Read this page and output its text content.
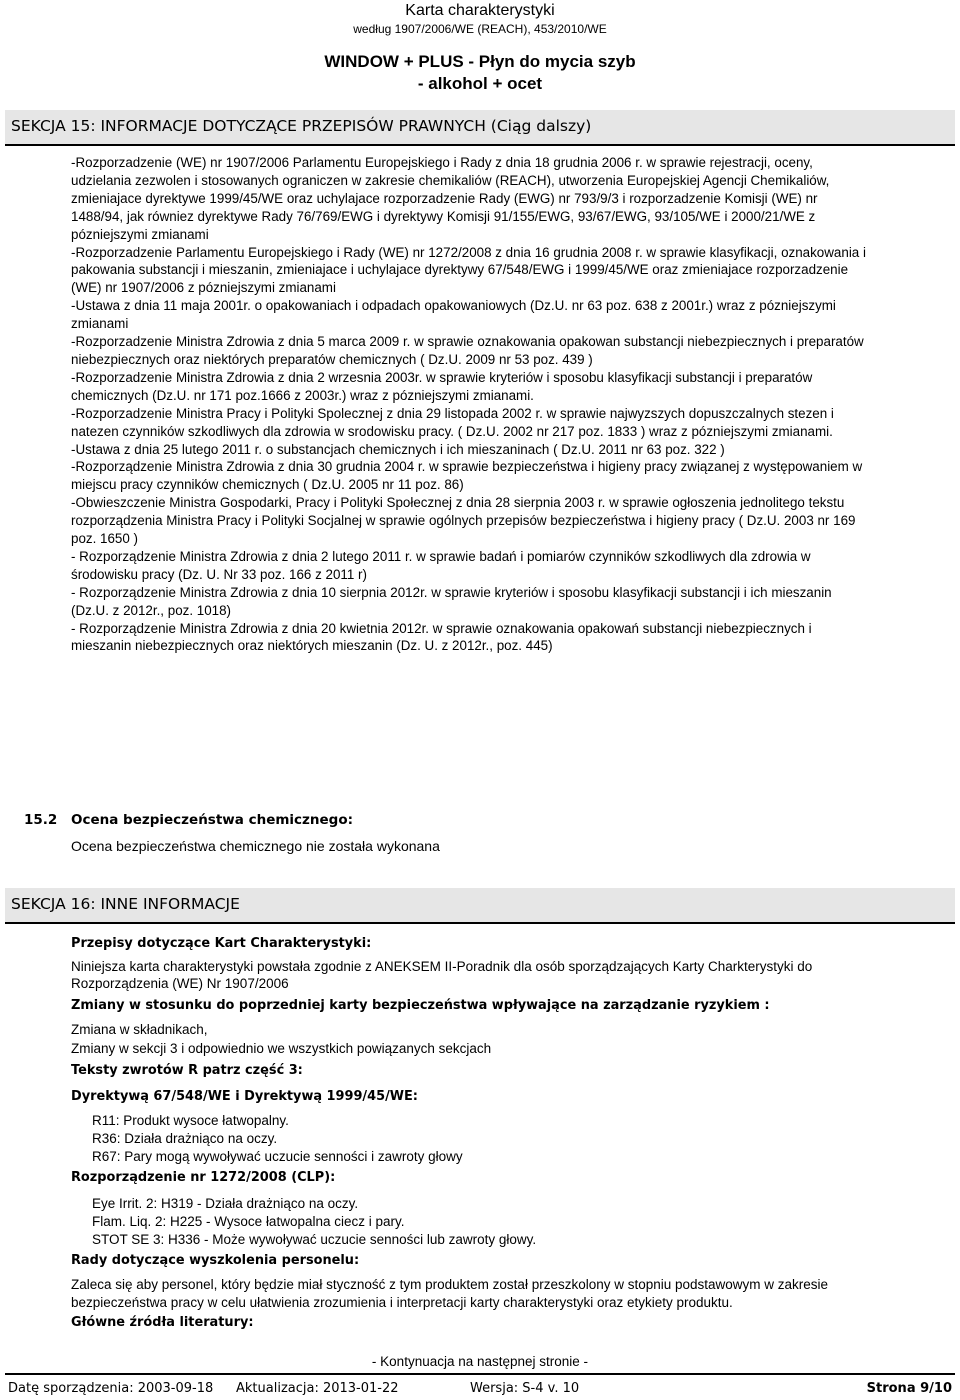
Karta charakterystyki
według 1907/2006/WE (REACH), 453/2010/WE
WINDOW + PLUS - Płyn do mycia szyb
- alkohol + ocet
SEKCJA 15: INFORMACJE DOTYCZĄCE PRZEPISÓW PRAWNYCH (Ciąg dalszy)
-Rozporzadzenie (WE) nr 1907/2006 Parlamentu Europejskiego i Rady z dnia 18 grudnia 2006 r. w sprawie rejestracji, oceny,
udzielania zezwolen i stosowanych ograniczen w zakresie chemikaliów (REACH), utworzenia Europejskiej Agencji Chemikaliów,
zmieniajace dyrektywe 1999/45/WE oraz uchylajace rozporzadzenie Rady (EWG) nr 793/9/3 i rozporzadzenie Komisji (WE) nr
1488/94, jak równiez dyrektywe Rady 76/769/EWG i dyrektywy Komisji 91/155/EWG, 93/67/EWG, 93/105/WE i 2000/21/WE z
pózniejszymi zmianami
-Rozporzadzenie Parlamentu Europejskiego i Rady (WE) nr 1272/2008 z dnia 16 grudnia 2008 r. w sprawie klasyfikacji, oznakowania i
pakowania substancji i mieszanin, zmieniajace i uchylajace dyrektywy 67/548/EWG i 1999/45/WE oraz zmieniajace rozporzadzenie
(WE) nr 1907/2006 z pózniejszymi zmianami
-Ustawa z dnia 11 maja 2001r. o opakowaniach i odpadach opakowaniowych (Dz.U. nr 63 poz. 638 z 2001r.) wraz z pózniejszymi
zmianami
-Rozporzadzenie Ministra Zdrowia z dnia 5 marca 2009 r. w sprawie oznakowania opakowan substancji niebezpiecznych i preparatów
niebezpiecznych oraz niektórych preparatów chemicznych ( Dz.U. 2009 nr 53 poz. 439 )
-Rozporzadzenie Ministra Zdrowia z dnia 2 wrzesnia 2003r. w sprawie kryteriów i sposobu klasyfikacji substancji i preparatów
chemicznych (Dz.U. nr 171 poz.1666 z 2003r.) wraz z pózniejszymi zmianami.
-Rozporzadzenie Ministra Pracy i Polityki Spolecznej z dnia 29 listopada 2002 r. w sprawie najwyzszych dopuszczalnych stezen i
natezen czynników szkodliwych dla zdrowia w srodowisku pracy. ( Dz.U. 2002 nr 217 poz. 1833 ) wraz z pózniejszymi zmianami.
-Ustawa z dnia 25 lutego 2011 r. o substancjach chemicznych i ich mieszaninach ( Dz.U. 2011 nr 63 poz. 322 )
-Rozporządzenie Ministra Zdrowia z dnia 30 grudnia 2004 r. w sprawie bezpieczeństwa i higieny pracy związanej z występowaniem w
miejscu pracy czynników chemicznych ( Dz.U. 2005 nr 11 poz. 86)
-Obwieszczenie Ministra Gospodarki, Pracy i Polityki Społecznej z dnia 28 sierpnia 2003 r. w sprawie ogłoszenia jednolitego tekstu
rozporządzenia Ministra Pracy i Polityki Socjalnej w sprawie ogólnych przepisów bezpieczeństwa i higieny pracy ( Dz.U. 2003 nr 169
poz. 1650 )
- Rozporządzenie Ministra Zdrowia z dnia 2 lutego 2011 r. w sprawie badań i pomiarów czynników szkodliwych dla zdrowia w
środowisku pracy (Dz. U. Nr 33 poz. 166 z 2011 r)
- Rozporządzenie Ministra Zdrowia z dnia 10 sierpnia 2012r. w sprawie kryteriów i sposobu klasyfikacji substancji i ich mieszanin
(Dz.U. z 2012r., poz. 1018)
- Rozporządzenie Ministra Zdrowia z dnia 20 kwietnia 2012r. w sprawie oznakowania opakowań substancji niebezpiecznych i
mieszanin niebezpiecznych oraz niektórych mieszanin (Dz. U. z 2012r., poz. 445)
15.2 Ocena bezpieczeństwa chemicznego:
Ocena bezpieczeństwa chemicznego nie została wykonana
SEKCJA 16: INNE INFORMACJE
Przepisy dotyczące Kart Charakterystyki:
Niniejsza karta charakterystyki powstała zgodnie z ANEKSEM II-Poradnik dla osób sporządzających Karty Charkterystyki do
Rozporządzenia (WE) Nr 1907/2006
Zmiany w stosunku do poprzedniej karty bezpieczeństwa wpływające na zarządzanie ryzykiem :
Zmiana w składnikach,
Zmiany w sekcji 3 i odpowiednio we wszystkich powiązanych sekcjach
Teksty zwrotów R patrz część 3:
Dyrektywą 67/548/WE i Dyrektywą 1999/45/WE:
R11: Produkt wysoce łatwopalny.
R36: Działa drażniąco na oczy.
R67: Pary mogą wywoływać uczucie senności i zawroty głowy
Rozporządzenie nr 1272/2008 (CLP):
Eye Irrit. 2: H319 - Działa drażniąco na oczy.
Flam. Liq. 2: H225 - Wysoce łatwopalna ciecz i pary.
STOT SE 3: H336 - Może wywoływać uczucie senności lub zawroty głowy.
Rady dotyczące wyszkolenia personelu:
Zaleca się aby personel, który będzie miał styczność z tym produktem został przeszkolony w stopniu podstawowym w zakresie
bezpieczeństwa pracy w celu ułatwienia zrozumienia i interpretacji karty charakterystyki oraz etykiety produktu.
Główne źródła literatury:
- Kontynuacja na następnej stronie -
Datę sporządzenia: 2003-09-18 Aktualizacja: 2013-01-22	Wersja: S-4 v. 10	Strona 9/10
